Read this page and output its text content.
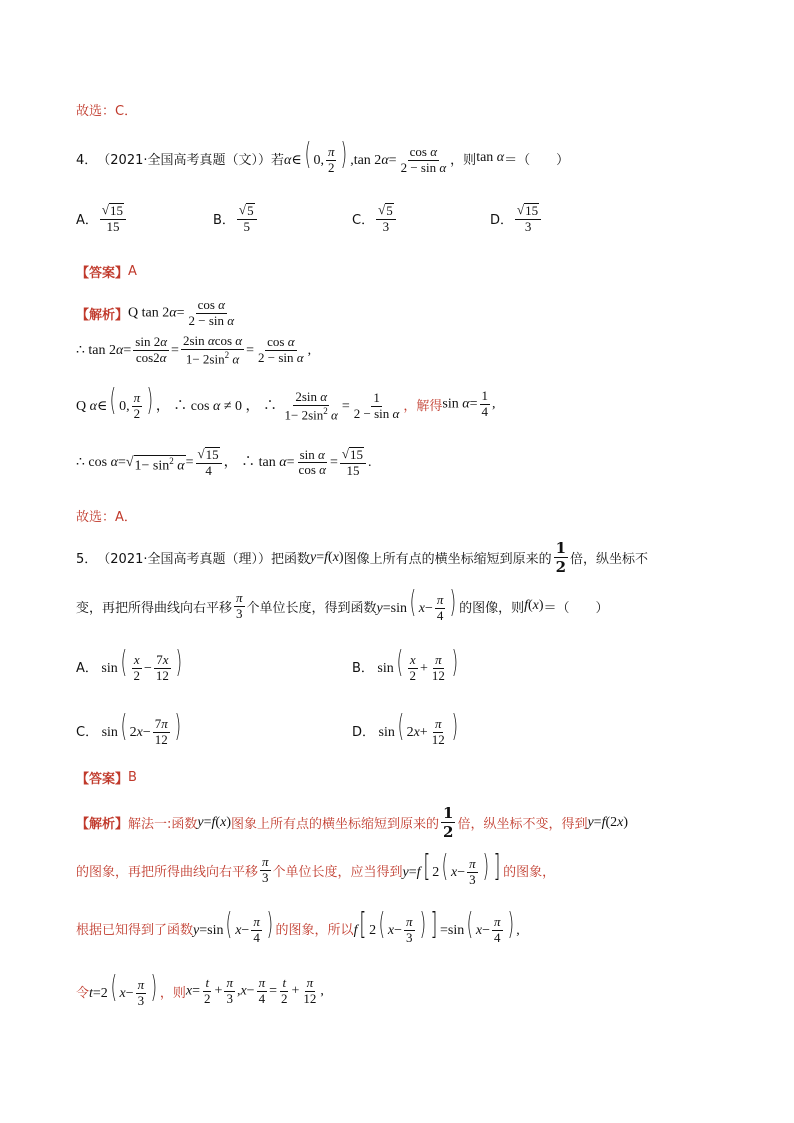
故选：C．
4． （2021·全国高考真题（文）） 若 α∈( 0, $\frac{\pi}{2}$ ) ,tan $2\alpha= \frac{\text{cos α}}{\text{2 − sin α}}$ ，则 tan α ＝（　　）
A． $\frac{√ 15}{15}$	B． $\frac{√ 5}{5}$	C． $\frac{√ 5}{3}$	D． $\frac{√ 15}{3}$
【答案】 A
【解析】 Q $\tan 2\alpha= \frac{\text{cos α}}{\text{2 − sin α}}$
∴ $\tan 2\alpha= \frac{\sin 2\alpha}{\cos 2\alpha} = \frac{\text{2sin αcos α}}{1- 2\sin^2 \alpha} = \frac{\text{cos α}}{\text{2 − sin α}}$ ,
Q α∈( 0, $\frac{\pi}{2}$ ) ， ∴ cos α ≠ 0 ， ∴ $\frac{\text{2sin α}}{1- 2\sin^2 \alpha} = \frac{1}{\text{2 − sin α}}$ ，解得 $\sin \alpha= \frac{1}{4}$ ,
∴ cos α=√ $1- \sin^2 \alpha = \frac{√ 15}{4}$ ， ∴ $\tan \alpha= \frac{\text{sin α}}{\text{cos α}} = \frac{√ 15}{15}$ .
故选：A．
5． （2021·全国高考真题（理）） 把函数 y=f(x) 图像上所有点的横坐标缩短到原来的
1
2 倍，纵坐标不
变，再把所得曲线向右平移 $\frac{\pi}{3}$ 个单位长度，得到函数 y=sin( $x- \frac{\pi}{4}$ ) 的图像，则 f(x) ＝（　　）
A． $\sin( \frac{x}{2} - \frac{7x}{12}$ )	B． $\sin( \frac{x}{2} + \frac{\pi}{12}$ )
C． sin( $2x- \frac{7\pi}{12}$ )	D． sin( $2x+ \frac{\pi}{12}$ )
【答案】 B
【解析】 解法一:函数 y=f(x) 图象上所有点的横坐标缩短到原来的
1
2 倍，纵坐标不变，得到 y=f(2x)
的图象，再把所得曲线向右平移 $\frac{\pi}{3}$ 个单位长度，应当得到 y=f[ 2( $x- \frac{\pi}{3}$ ) ] 的图象，
根据已知得到了函数 y=sin( $x- \frac{\pi}{4}$ ) 的图象，所以 f[ 2( $x- \frac{\pi}{3}$ ) ] =sin( $x- \frac{\pi}{4}$ ) ,
令 t=2( $x- \frac{\pi}{3}$ ) ，则 $x= \frac{t}{2} + \frac{\pi}{3} ,x- \frac{\pi}{4} = \frac{t}{2} + \frac{\pi}{12}$ ,
